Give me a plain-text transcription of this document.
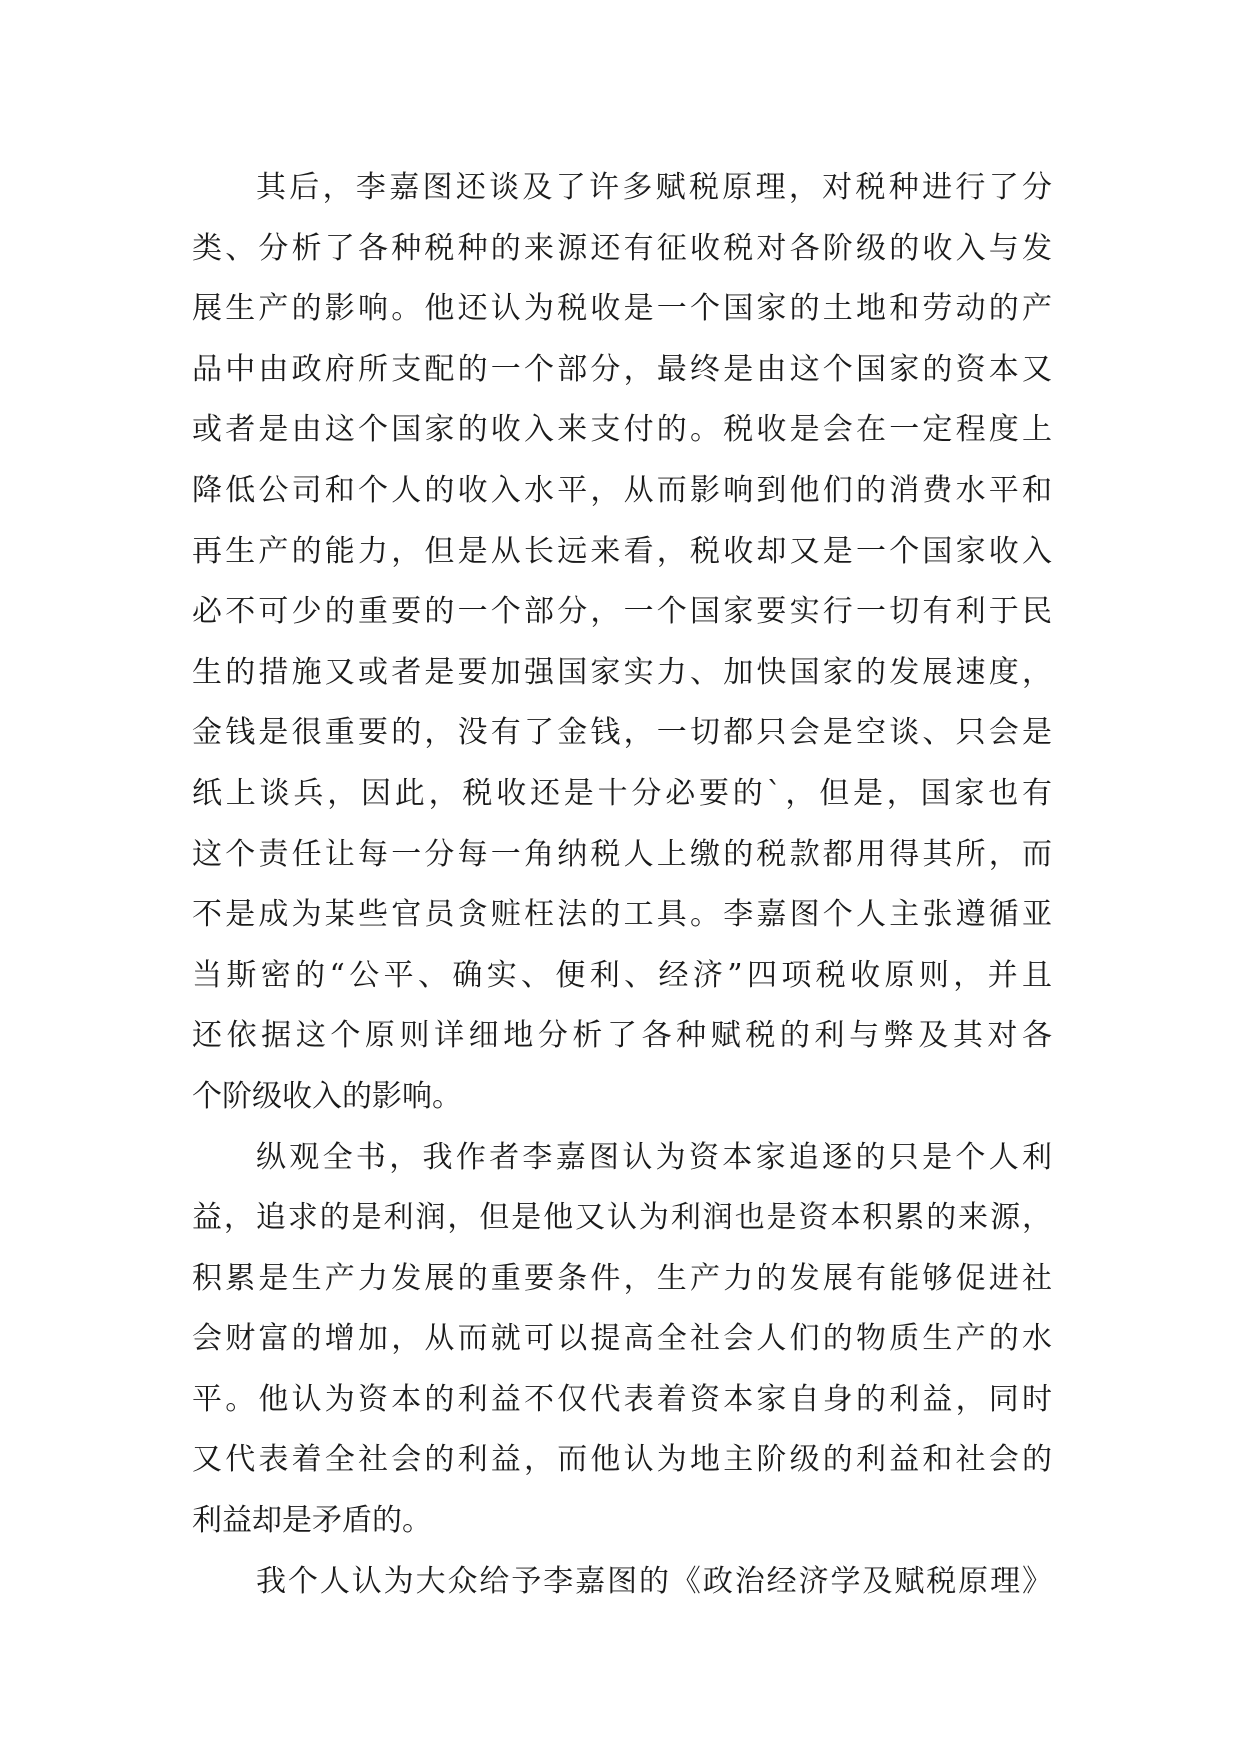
其后，李嘉图还谈及了许多赋税原理，对税种进行了分
类、分析了各种税种的来源还有征收税对各阶级的收入与发
展生产的影响。他还认为税收是一个国家的土地和劳动的产
品中由政府所支配的一个部分，最终是由这个国家的资本又
或者是由这个国家的收入来支付的。税收是会在一定程度上
降低公司和个人的收入水平，从而影响到他们的消费水平和
再生产的能力，但是从长远来看，税收却又是一个国家收入
必不可少的重要的一个部分，一个国家要实行一切有利于民
生的措施又或者是要加强国家实力、加快国家的发展速度，
金钱是很重要的，没有了金钱，一切都只会是空谈、只会是
纸上谈兵，因此，税收还是十分必要的`，但是，国家也有
这个责任让每一分每一角纳税人上缴的税款都用得其所，而
不是成为某些官员贪赃枉法的工具。李嘉图个人主张遵循亚
当斯密的“公平、确实、便利、经济”四项税收原则，并且
还依据这个原则详细地分析了各种赋税的利与弊及其对各
个阶级收入的影响。
纵观全书，我作者李嘉图认为资本家追逐的只是个人利
益，追求的是利润，但是他又认为利润也是资本积累的来源，
积累是生产力发展的重要条件，生产力的发展有能够促进社
会财富的增加，从而就可以提高全社会人们的物质生产的水
平。他认为资本的利益不仅代表着资本家自身的利益，同时
又代表着全社会的利益，而他认为地主阶级的利益和社会的
利益却是矛盾的。
我个人认为大众给予李嘉图的《政治经济学及赋税原理》
